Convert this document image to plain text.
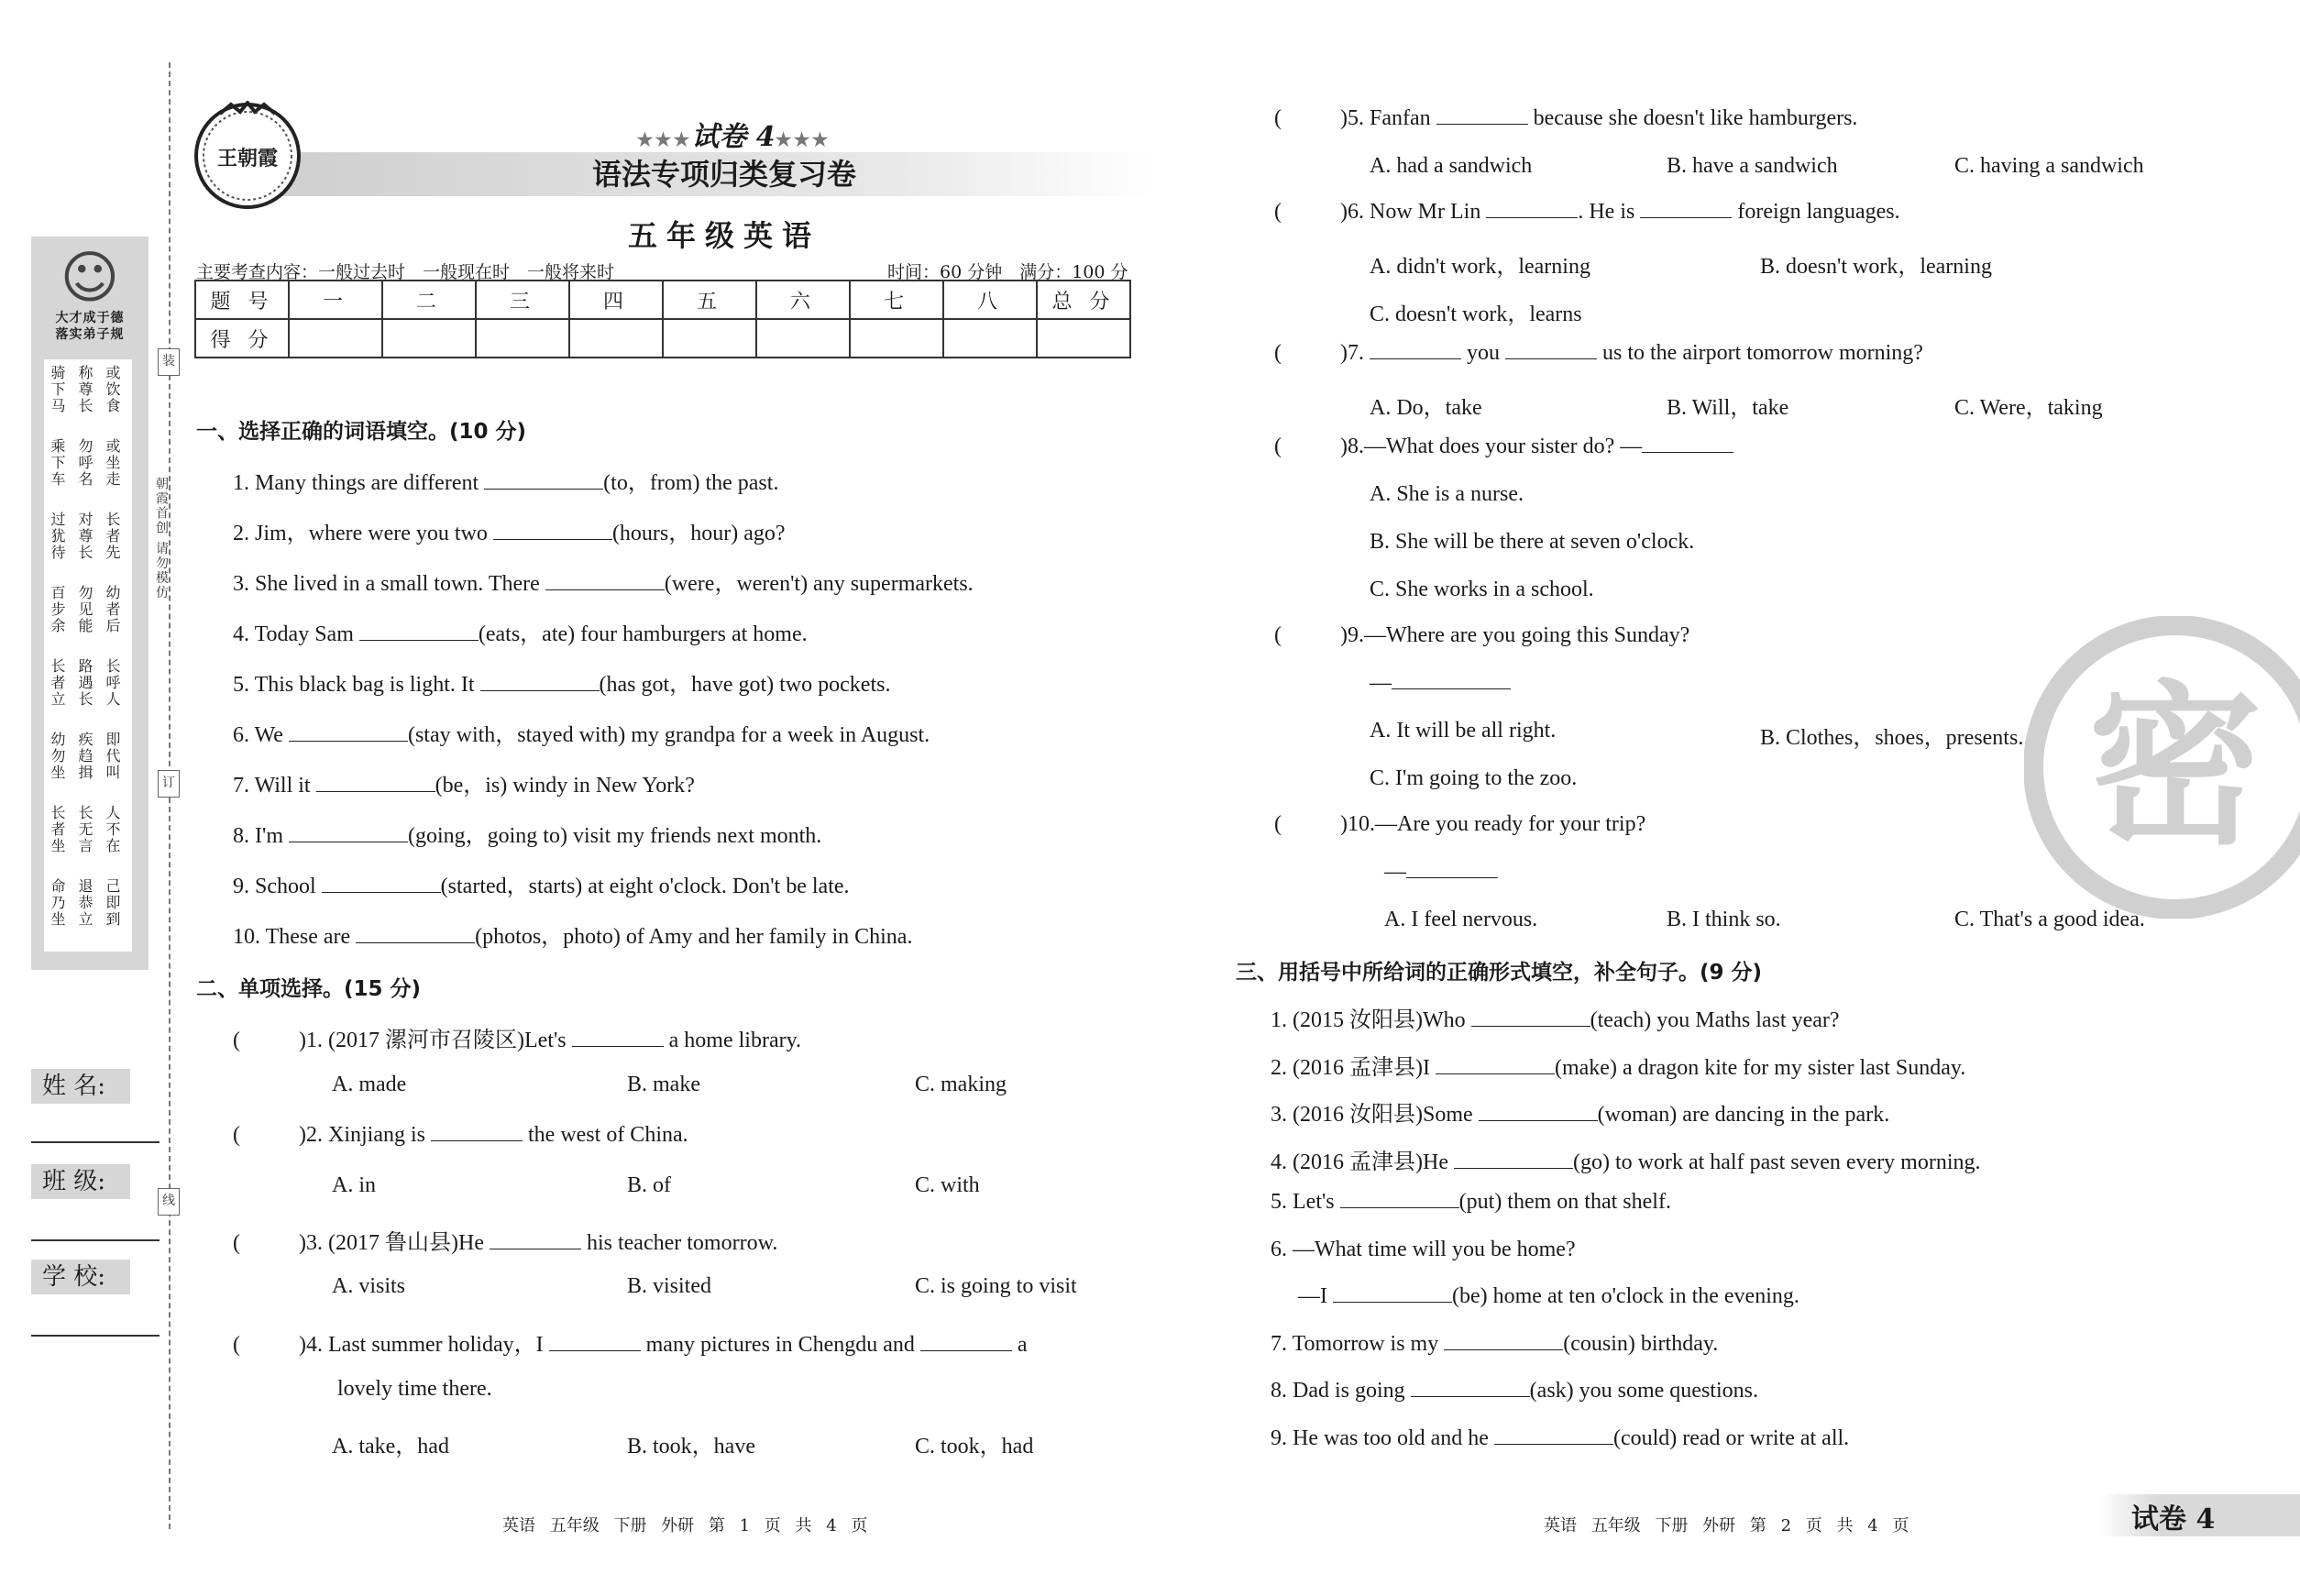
☺
大才成于德
落实弟子规
骑下马 称尊长 或饮食
乘下车 勿呼名 或坐走
过犹待 对尊长 长者先
百步余 勿见能 幼者后
长者立 路遇长 长呼人
幼勿坐 疾趋揖 即代叫
长者坐 长无言 人不在
命乃坐 退恭立 己即到
朝霞首创 请勿模仿
装
订
线
姓 名:
班 级:
学 校:
王朝霞
★★★试卷 4★★★
语法专项归类复习卷
五年级英语
主要考查内容：一般过去时　一般现在时　一般将来时	时间：60 分钟　满分：100 分
题 号	一	二	三	四	五	六	七	八	总 分
得 分									
一、选择正确的词语填空。(10 分)
1. Many things are different	(to，from) the past.
2. Jim，where were you two	(hours，hour) ago?
3. She lived in a small town. There	(were，weren't) any supermarkets.
4. Today Sam	(eats，ate) four hamburgers at home.
5. This black bag is light. It	(has got，have got) two pockets.
6. We	(stay with，stayed with) my grandpa for a week in August.
7. Will it	(be，is) windy in New York?
8. I'm	(going，going to) visit my friends next month.
9. School	(started，starts) at eight o'clock. Don't be late.
10. These are	(photos，photo) of Amy and her family in China.
二、单项选择。(15 分)
(	)1. (2017 漯河市召陵区)Let's	a home library.
A. made	B. make	C. making
(	)2. Xinjiang is	the west of China.
A. in	B. of	C. with
(	)3. (2017 鲁山县)He	his teacher tomorrow.
A. visits	B. visited	C. is going to visit
(	)4. Last summer holiday，I	many pictures in Chengdu and	a
lovely time there.
A. take，had	B. took，have	C. took，had
(	)5. Fanfan	because she doesn't like hamburgers.
A. had a sandwich	B. have a sandwich	C. having a sandwich
(	)6. Now Mr Lin	. He is	foreign languages.
A. didn't work，learning	B. doesn't work，learning
C. doesn't work，learns
(	)7.	you	us to the airport tomorrow morning?
A. Do，take	B. Will，take	C. Were，taking
(	)8.—What does your sister do? —
A. She is a nurse.
B. She will be there at seven o'clock.
C. She works in a school.
(	)9.—Where are you going this Sunday?
—
A. It will be all right.	B. Clothes，shoes，presents...
C. I'm going to the zoo.
(	)10.—Are you ready for your trip?
—
A. I feel nervous.	B. I think so.	C. That's a good idea.
三、用括号中所给词的正确形式填空，补全句子。(9 分)
1. (2015 汝阳县)Who	(teach) you Maths last year?
2. (2016 孟津县)I	(make) a dragon kite for my sister last Sunday.
3. (2016 汝阳县)Some	(woman) are dancing in the park.
4. (2016 孟津县)He	(go) to work at half past seven every morning.
5. Let's	(put) them on that shelf.
6. —What time will you be home?
—I	(be) home at ten o'clock in the evening.
7. Tomorrow is my	(cousin) birthday.
8. Dad is going	(ask) you some questions.
9. He was too old and he	(could) read or write at all.
密
英语 五年级 下册 外研 第 1 页 共 4 页	英语 五年级 下册 外研 第 2 页 共 4 页	试卷 4
